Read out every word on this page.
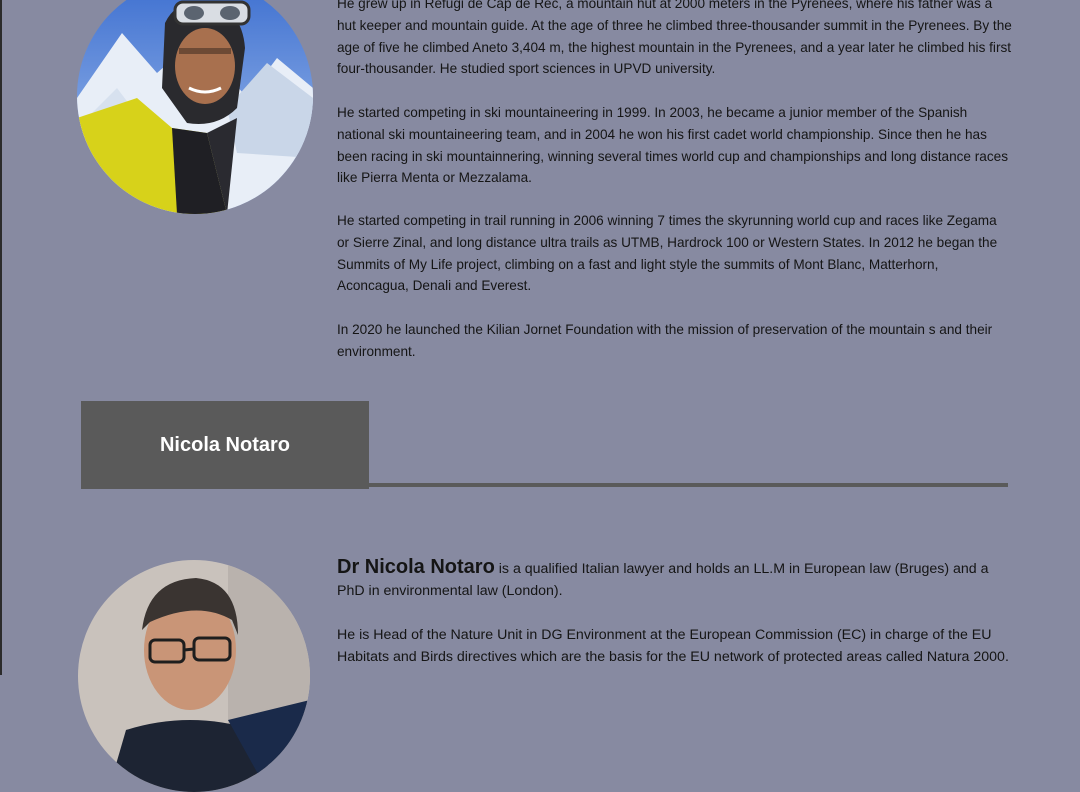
He grew up in Refugi de Cap de Rec, a mountain hut at 2000 meters in the Pyrenees, where his father was a hut keeper and mountain guide. At the age of three he climbed three-thousander summit in the Pyrenees. By the age of five he climbed Aneto 3,404 m, the highest mountain in the Pyrenees, and a year later he climbed his first four-thousander. He studied sport sciences in UPVD university.

He started competing in ski mountaineering in 1999. In 2003, he became a junior member of the Spanish national ski mountaineering team, and in 2004 he won his first cadet world championship. Since then he has been racing in ski mountainnering, winning several times world cup and championships and long distance races like Pierra Menta or Mezzalama.

He started competing in trail running in 2006 winning 7 times the skyrunning world cup and races like Zegama or Sierre Zinal, and long distance ultra trails as UTMB, Hardrock 100 or Western States. In 2012 he began the Summits of My Life project, climbing on a fast and light style the summits of Mont Blanc, Matterhorn, Aconcagua, Denali and Everest.

In 2020 he launched the Kilian Jornet Foundation with the mission of preservation of the mountain s and their environment.

Nicola Notaro

Dr Nicola Notaro is a qualified Italian lawyer and holds an LL.M in European law (Bruges) and a PhD in environmental law (London).

He is Head of the Nature Unit in DG Environment at the European Commission (EC) in charge of the EU Habitats and Birds directives which are the basis for the EU network of protected areas called Natura 2000.
